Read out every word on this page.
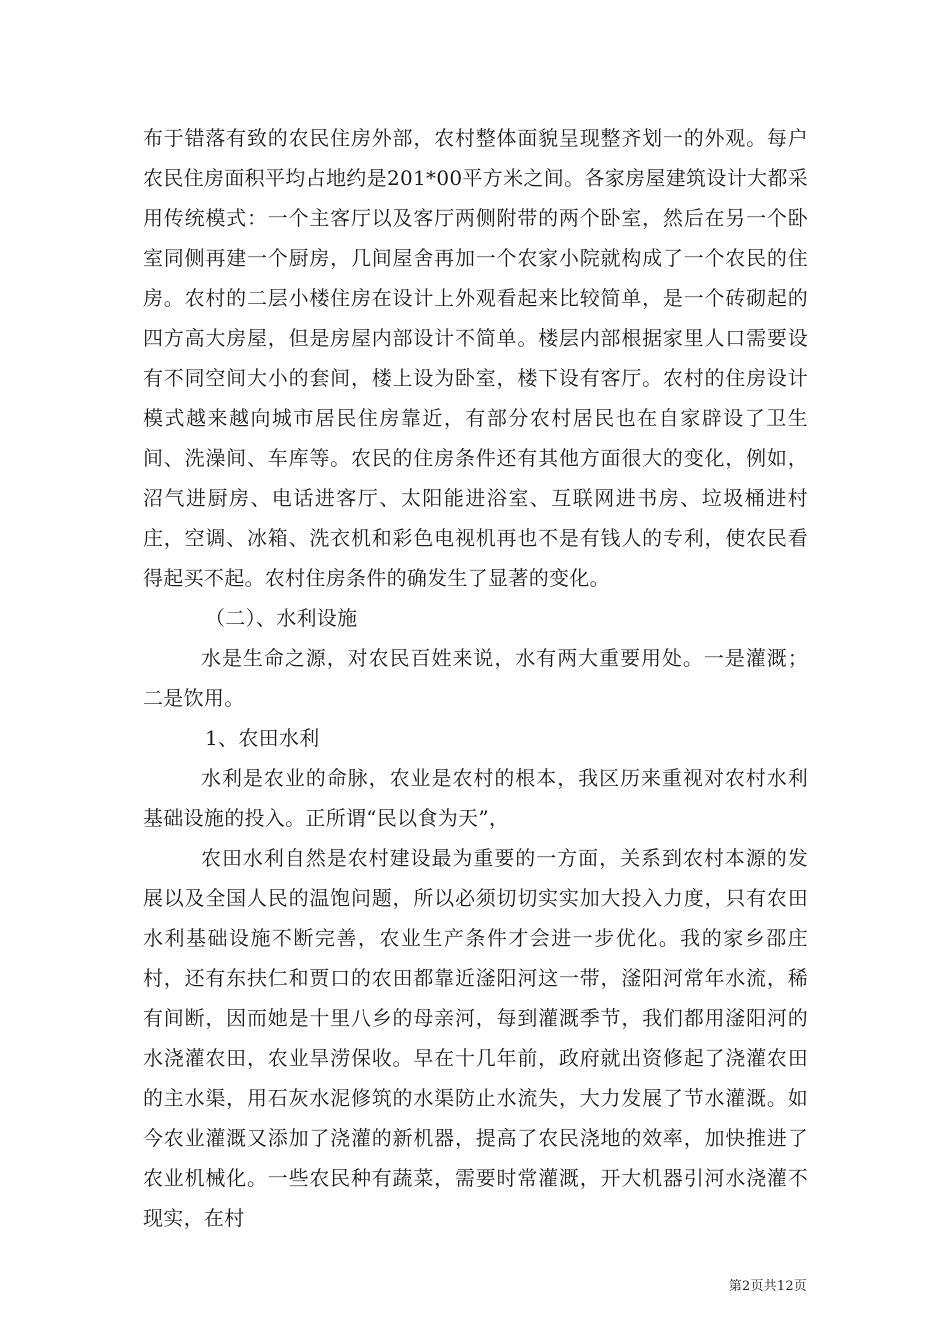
布于错落有致的农民住房外部，农村整体面貌呈现整齐划一的外观。每户农民住房面积平均占地约是201*00平方米之间。各家房屋建筑设计大都采用传统模式：一个主客厅以及客厅两侧附带的两个卧室，然后在另一个卧室同侧再建一个厨房，几间屋舍再加一个农家小院就构成了一个农民的住房。农村的二层小楼住房在设计上外观看起来比较简单，是一个砖砌起的四方高大房屋，但是房屋内部设计不简单。楼层内部根据家里人口需要设有不同空间大小的套间，楼上设为卧室，楼下设有客厅。农村的住房设计模式越来越向城市居民住房靠近，有部分农村居民也在自家辟设了卫生间、洗澡间、车库等。农民的住房条件还有其他方面很大的变化，例如，沼气进厨房、电话进客厅、太阳能进浴室、互联网进书房、垃圾桶进村庄，空调、冰箱、洗衣机和彩色电视机再也不是有钱人的专利，使农民看得起买不起。农村住房条件的确发生了显著的变化。

（二）、水利设施

水是生命之源，对农民百姓来说，水有两大重要用处。一是灌溉；二是饮用。

1、农田水利

水利是农业的命脉，农业是农村的根本，我区历来重视对农村水利基础设施的投入。正所谓“民以食为天”，

农田水利自然是农村建设最为重要的一方面，关系到农村本源的发展以及全国人民的温饱问题，所以必须切切实实加大投入力度，只有农田水利基础设施不断完善，农业生产条件才会进一步优化。我的家乡邵庄村，还有东扶仁和贾口的农田都靠近滏阳河这一带，滏阳河常年水流，稀有间断，因而她是十里八乡的母亲河，每到灌溉季节，我们都用滏阳河的水浇灌农田，农业旱涝保收。早在十几年前，政府就出资修起了浇灌农田的主水渠，用石灰水泥修筑的水渠防止水流失，大力发展了节水灌溉。如今农业灌溉又添加了浇灌的新机器，提高了农民浇地的效率，加快推进了农业机械化。一些农民种有蔬菜，需要时常灌溉，开大机器引河水浇灌不现实，在村

第2页共12页
